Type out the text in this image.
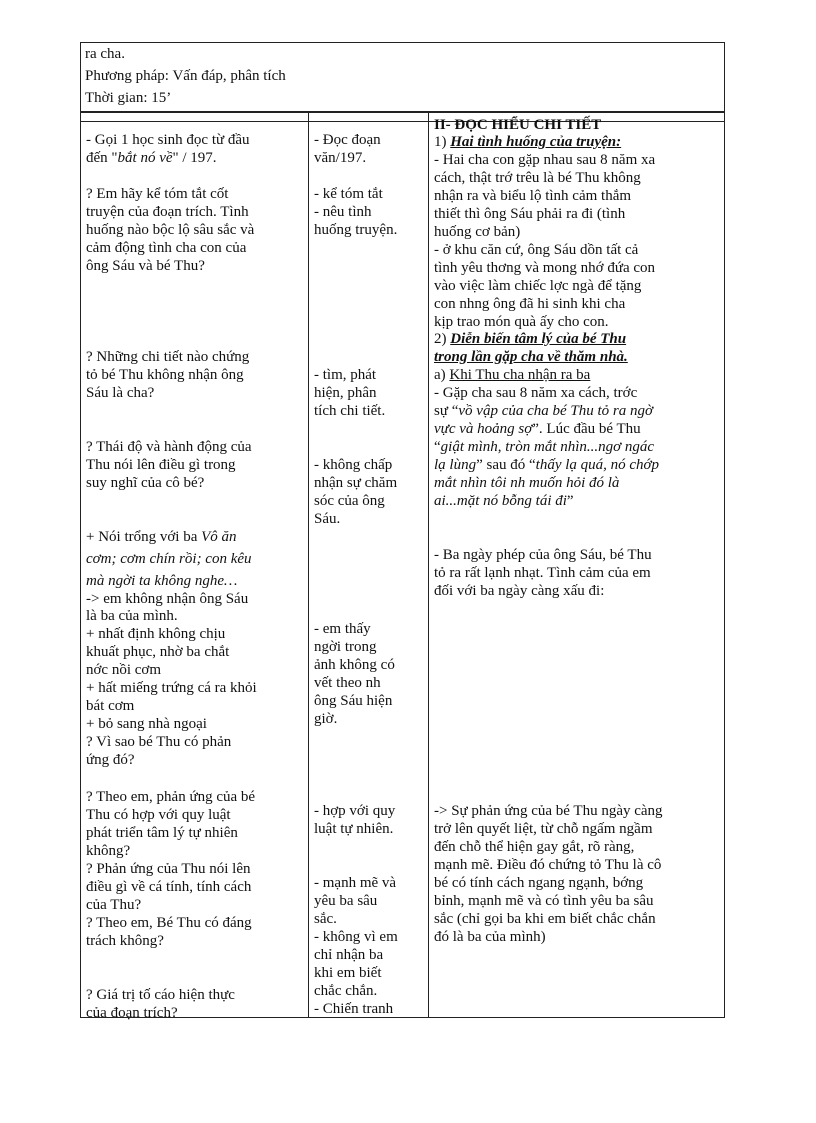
ra cha.
Phương pháp: Vấn đáp, phân tích
Thời gian: 15’
- Gọi 1 học sinh đọc từ đầu
đến "bắt nó về" / 197.
? Em hãy kể tóm tắt cốt
truyện của đoạn trích. Tình
huống nào bộc lộ sâu sắc và
cảm động tình cha con của
ông Sáu và bé Thu?
? Những chi tiết nào chứng
tỏ bé Thu không nhận ông
Sáu là cha?
? Thái độ và hành động của
Thu nói lên điều gì trong
suy nghĩ của cô bé?
+ Nói trổng với ba Vô ăn
cơm; cơm chín rồi; con kêu
mà ngời ta không nghe…
-> em không nhận ông Sáu
là ba của mình.
+ nhất định không chịu
khuất phục, nhờ ba chắt
nớc nồi cơm
+ hất miếng trứng cá ra khỏi
bát cơm
+ bỏ sang nhà ngoại
? Vì sao bé Thu có phản
ứng đó?
? Theo em, phản ứng của bé
Thu có hợp với quy luật
phát triển tâm lý tự nhiên
không?
? Phản ứng của Thu nói lên
điều gì về cá tính, tính cách
của Thu?
? Theo em, Bé Thu có đáng
trách không?
? Giá trị tố cáo hiện thực
của đoạn trích?
- Đọc đoạn
văn/197.
- kể tóm tắt
- nêu tình
huống truyện.
- tìm, phát
hiện, phân
tích chi tiết.
- không chấp
nhận sự chăm
sóc của ông
Sáu.
- em thấy
ngời trong
ảnh không có
vết theo nh
ông Sáu hiện
giờ.
- hợp với quy
luật tự nhiên.
- mạnh mẽ và
yêu ba sâu
sắc.
- không vì em
chỉ nhận ba
khi em biết
chắc chắn.
- Chiến tranh
II- ĐỌC HIỂU CHI TIẾT
1) Hai tình huống của truyện:
- Hai cha con gặp nhau sau 8 năm xa
cách, thật trớ trêu là bé Thu không
nhận ra và biểu lộ tình cảm thắm
thiết thì ông Sáu phải ra đi (tình
huống cơ bản)
- ở khu căn cứ, ông Sáu dồn tất cả
tình yêu thơng và mong nhớ đứa con
vào việc làm chiếc lợc ngà để tặng
con nhng ông đã hi sinh khi cha
kịp trao món quà ấy cho con.
2) Diễn biến tâm lý của bé Thu
trong lần gặp cha về thăm nhà.
a) Khi Thu cha nhận ra ba
- Gặp cha sau 8 năm xa cách, trớc
sự “vồ vập của cha bé Thu tỏ ra ngờ
vực và hoảng sợ”. Lúc đầu bé Thu
“giật mình, tròn mắt nhìn...ngơ ngác
lạ lùng” sau đó “thấy lạ quá, nó chớp
mắt nhìn tôi nh muốn hỏi đó là
ai...mặt nó bỗng tái đi”
- Ba ngày phép của ông Sáu, bé Thu
tỏ ra rất lạnh nhạt. Tình cảm của em
đối với ba ngày càng xấu đi:
-> Sự phản ứng của bé Thu ngày càng
trở lên quyết liệt, từ chỗ ngấm ngầm
đến chỗ thể hiện gay gắt, rõ ràng,
mạnh mẽ. Điều đó chứng tỏ Thu là cô
bé có tính cách ngang ngạnh, bớng
bỉnh, mạnh mẽ và có tình yêu ba sâu
sắc (chỉ gọi ba khi em biết chắc chắn
đó là ba của mình)
